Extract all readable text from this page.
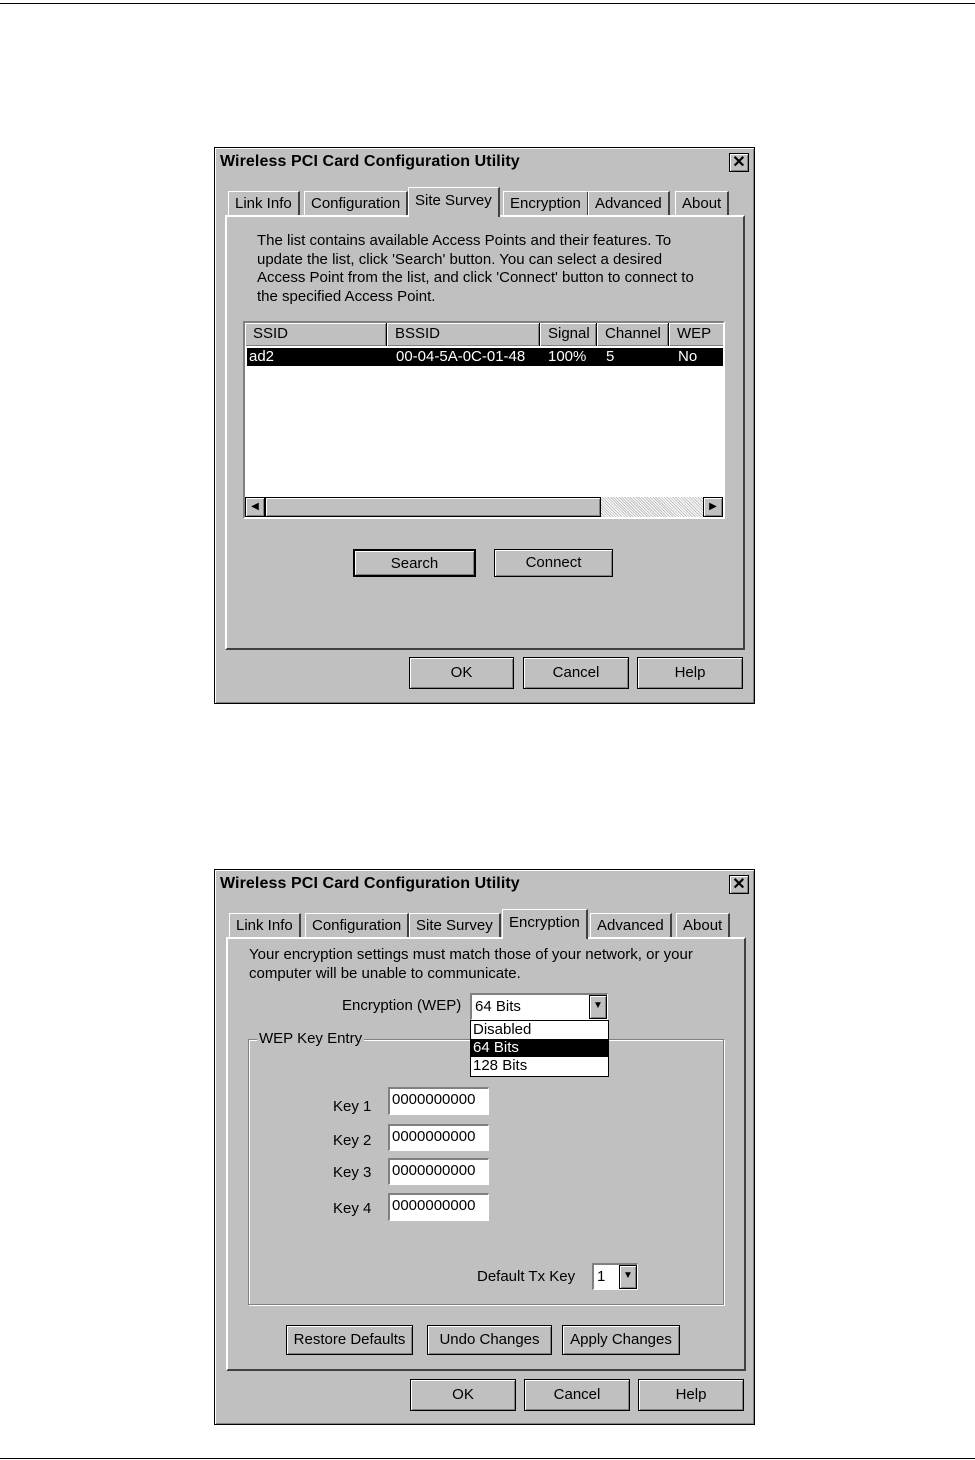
Wireless PCI Card Configuration Utility	✕
Link Info	Configuration Site Survey	Encryption Advanced	About
The list contains available Access Points and their features. To
update the list, click 'Search' button. You can select a desired
Access Point from the list, and click 'Connect' button to connect to
the specified Access Point.
SSID	BSSID	Signal	Channel	WEP
ad2	00-04-5A-0C-01-48 100% 5	No
◀	▶
Search	Connect
OK	Cancel	Help
Wireless PCI Card Configuration Utility	✕
Link Info	Configuration Site Survey	Encryption	Advanced	About
Your encryption settings must match those of your network, or your
computer will be unable to communicate.
Encryption (WEP) 64 Bits	▼
WEP Key Entry
Key 1 0000000000
Key 2 0000000000
Key 3 0000000000
Key 4 0000000000
Default Tx Key 1	▼
Disabled
64 Bits
128 Bits
Restore Defaults	Undo Changes	Apply Changes
OK	Cancel	Help
